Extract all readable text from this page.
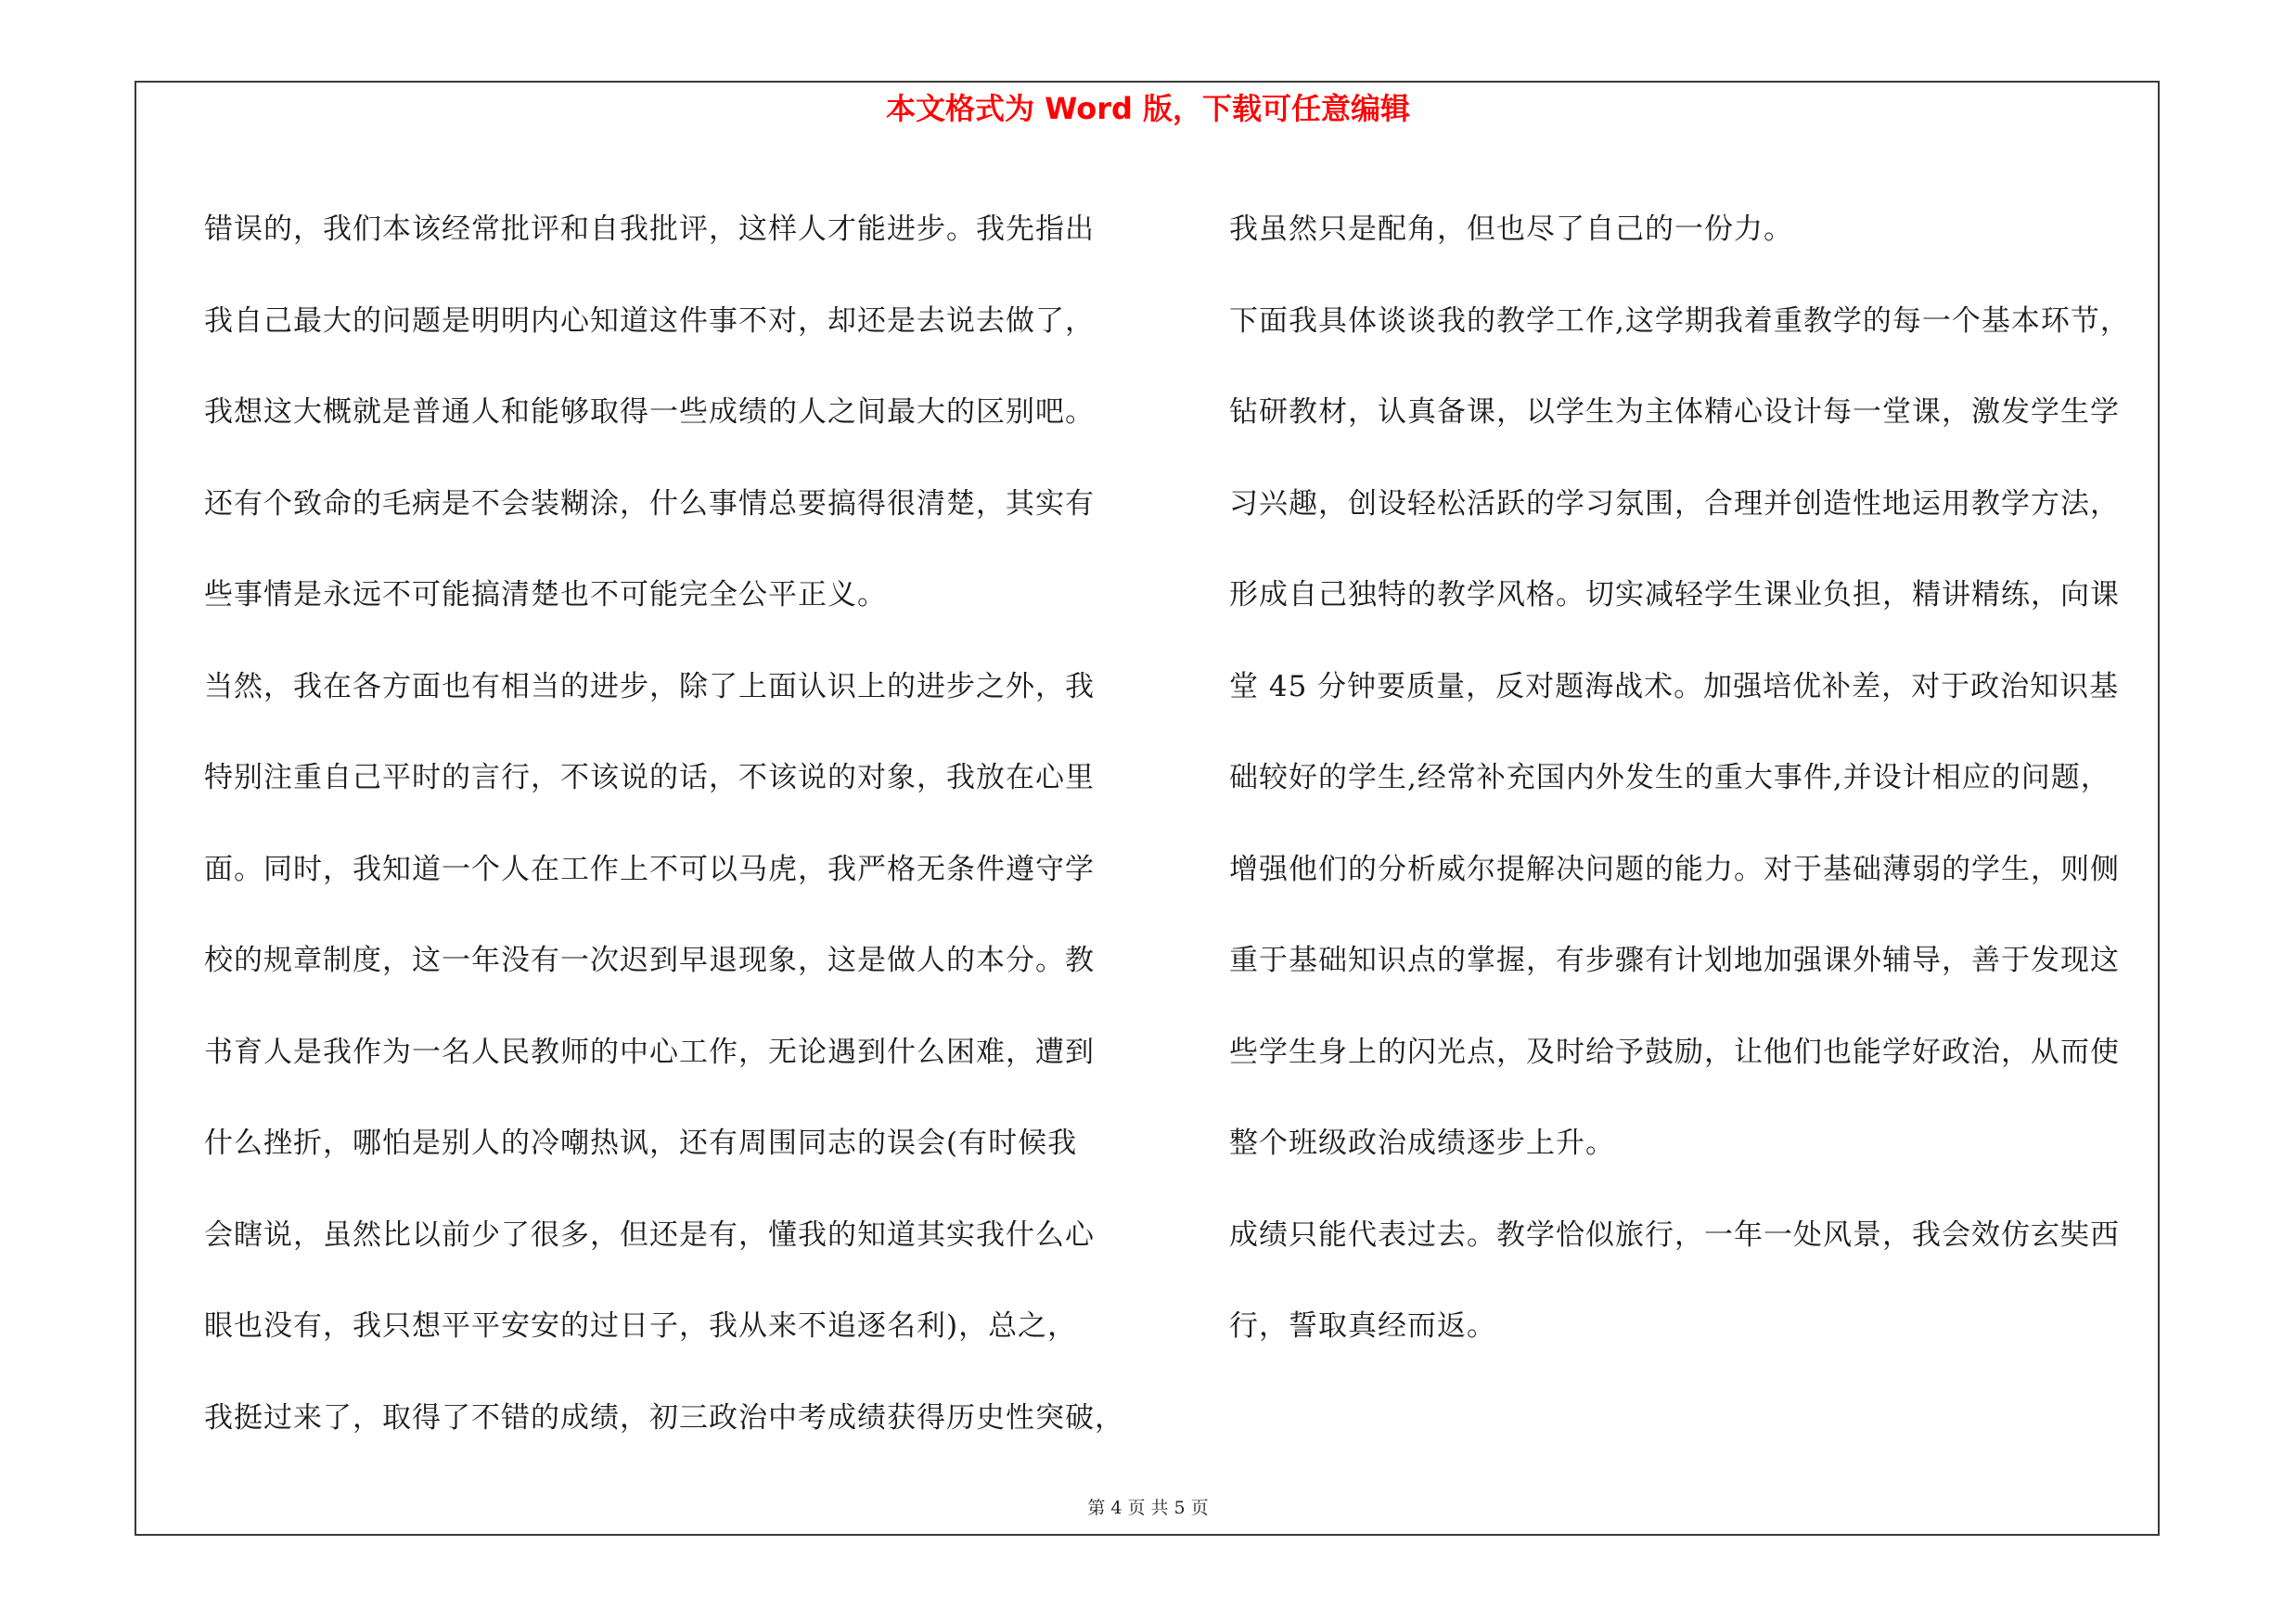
本文格式为 Word 版，下载可任意编辑
错误的，我们本该经常批评和自我批评，这样人才能进步。我先指出
我自己最大的问题是明明内心知道这件事不对，却还是去说去做了，
我想这大概就是普通人和能够取得一些成绩的人之间最大的区别吧。
还有个致命的毛病是不会装糊涂，什么事情总要搞得很清楚，其实有
些事情是永远不可能搞清楚也不可能完全公平正义。
当然，我在各方面也有相当的进步，除了上面认识上的进步之外，我
特别注重自己平时的言行，不该说的话，不该说的对象，我放在心里
面。同时，我知道一个人在工作上不可以马虎，我严格无条件遵守学
校的规章制度，这一年没有一次迟到早退现象，这是做人的本分。教
书育人是我作为一名人民教师的中心工作，无论遇到什么困难，遭到
什么挫折，哪怕是别人的冷嘲热讽，还有周围同志的误会(有时候我
会瞎说，虽然比以前少了很多，但还是有，懂我的知道其实我什么心
眼也没有，我只想平平安安的过日子，我从来不追逐名利)，总之，
我挺过来了，取得了不错的成绩，初三政治中考成绩获得历史性突破，
我虽然只是配角，但也尽了自己的一份力。
下面我具体谈谈我的教学工作,这学期我着重教学的每一个基本环节，
钻研教材，认真备课，以学生为主体精心设计每一堂课，激发学生学
习兴趣，创设轻松活跃的学习氛围，合理并创造性地运用教学方法，
形成自己独特的教学风格。切实减轻学生课业负担，精讲精练，向课
堂 45 分钟要质量，反对题海战术。加强培优补差，对于政治知识基
础较好的学生,经常补充国内外发生的重大事件,并设计相应的问题，
增强他们的分析威尔提解决问题的能力。对于基础薄弱的学生，则侧
重于基础知识点的掌握，有步骤有计划地加强课外辅导，善于发现这
些学生身上的闪光点，及时给予鼓励，让他们也能学好政治，从而使
整个班级政治成绩逐步上升。
成绩只能代表过去。教学恰似旅行，一年一处风景，我会效仿玄奘西
行，誓取真经而返。
第 4 页 共 5 页
